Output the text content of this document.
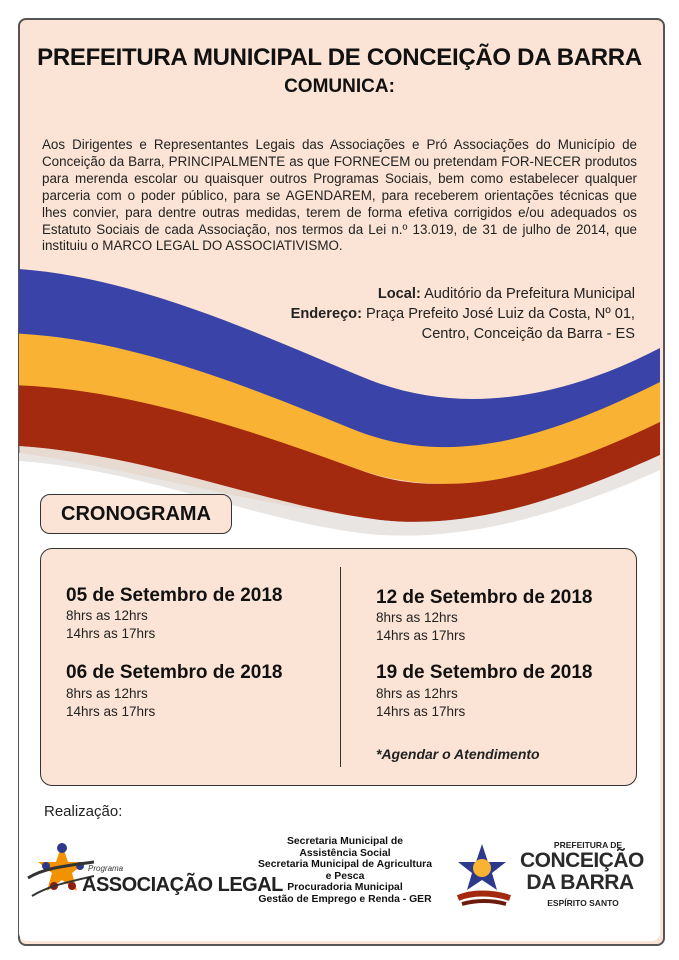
PREFEITURA MUNICIPAL DE CONCEIÇÃO DA BARRA
COMUNICA:
Aos Dirigentes e Representantes Legais das Associações e Pró Associações do Município de Conceição da Barra, PRINCIPALMENTE as que FORNECEM ou pretendam FOR-NECER produtos para merenda escolar ou quaisquer outros Programas Sociais, bem como estabelecer qualquer parceria com o poder público, para se AGENDAREM, para receberem orientações técnicas que lhes convier, para dentre outras medidas, terem de forma efetiva corrigidos e/ou adequados os Estatuto Sociais de cada Associação, nos termos da Lei n.º 13.019, de 31 de julho de 2014, que instituiu o MARCO LEGAL DO ASSOCIATIVISMO.
Local: Auditório da Prefeitura Municipal
Endereço: Praça Prefeito José Luiz da Costa, Nº 01,
Centro, Conceição da Barra - ES
CRONOGRAMA
05 de Setembro de 2018
8hrs as 12hrs
14hrs as 17hrs
06 de Setembro de 2018
8hrs as 12hrs
14hrs as 17hrs
12 de Setembro de 2018
8hrs as 12hrs
14hrs as 17hrs
19 de Setembro de 2018
8hrs as 12hrs
14hrs as 17hrs
*Agendar o Atendimento
Realização:
Programa
ASSOCIAÇÃO LEGAL
Secretaria Municipal de
Assistência Social
Secretaria Municipal de Agricultura
e Pesca
Procuradoria Municipal
Gestão de Emprego e Renda - GER
PREFEITURA DE
CONCEIÇÃO
DA BARRA
ESPÍRITO SANTO
